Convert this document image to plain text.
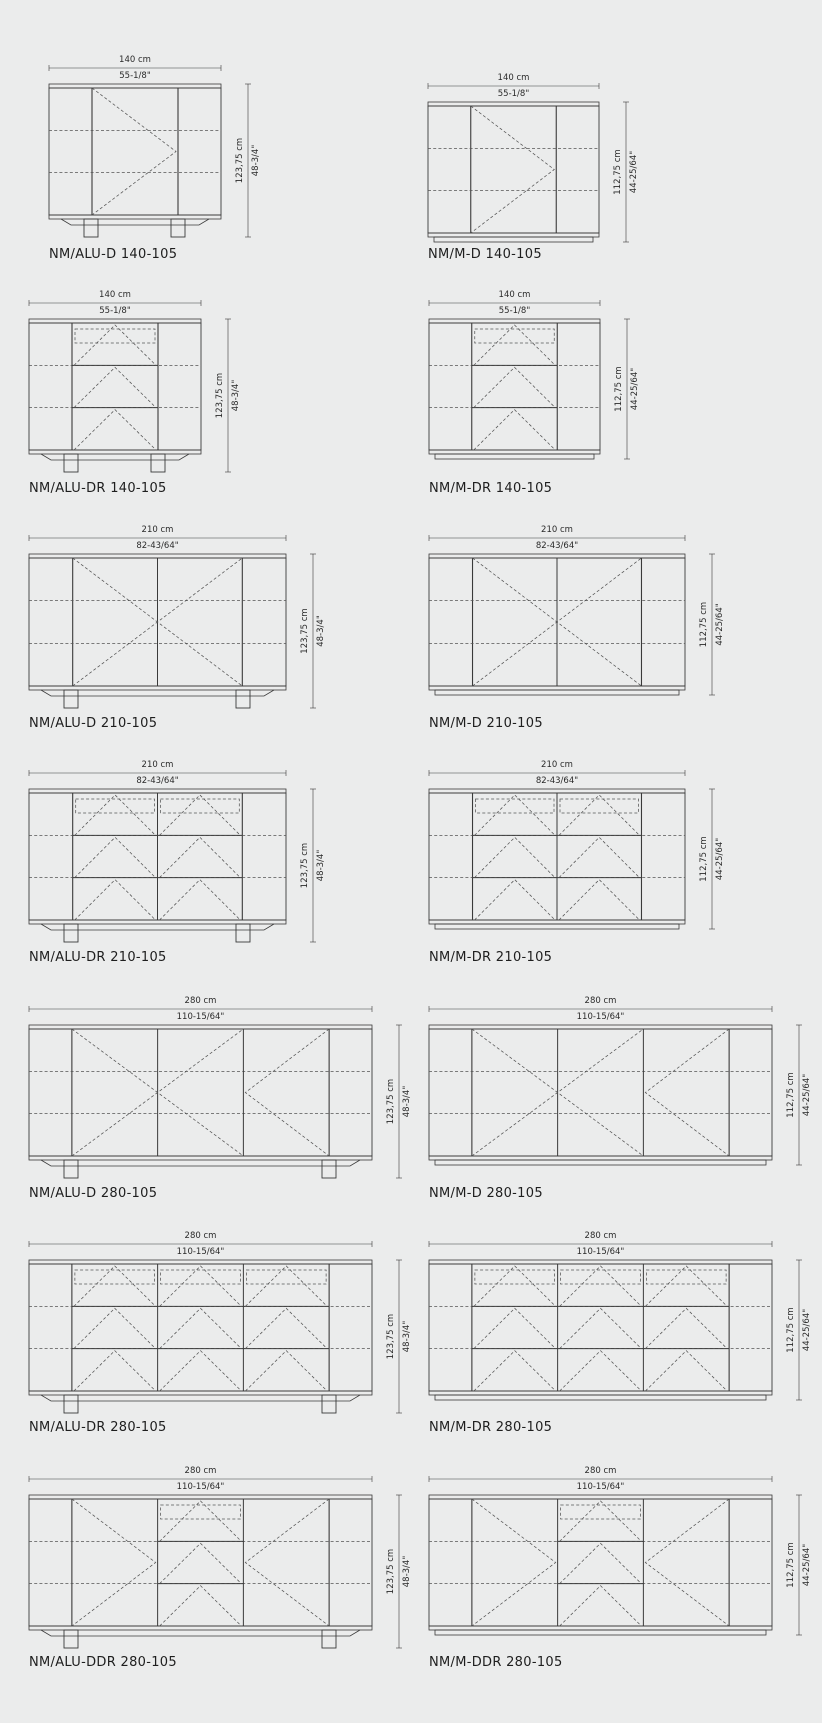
140 cm
55-1/8"
123,75 cm 48-3/4"
NM/ALU-D 140-105
140 cm
55-1/8"
112,75 cm 44-25/64"
NM/M-D 140-105
140 cm
55-1/8"
123,75 cm 48-3/4"
NM/ALU-DR 140-105
140 cm
55-1/8"
112,75 cm 44-25/64"
NM/M-DR 140-105
210 cm
82-43/64"
123,75 cm 48-3/4"
NM/ALU-D 210-105
210 cm
82-43/64"
112,75 cm 44-25/64"
NM/M-D 210-105
210 cm
82-43/64"
123,75 cm 48-3/4"
NM/ALU-DR 210-105
210 cm
82-43/64"
112,75 cm 44-25/64"
NM/M-DR 210-105
280 cm
110-15/64"
123,75 cm 48-3/4"
NM/ALU-D 280-105
280 cm
110-15/64"
112,75 cm 44-25/64"
NM/M-D 280-105
280 cm
110-15/64"
123,75 cm 48-3/4"
NM/ALU-DR 280-105
280 cm
110-15/64"
112,75 cm 44-25/64"
NM/M-DR 280-105
280 cm
110-15/64"
123,75 cm 48-3/4"
NM/ALU-DDR 280-105
280 cm
110-15/64"
112,75 cm 44-25/64"
NM/M-DDR 280-105
